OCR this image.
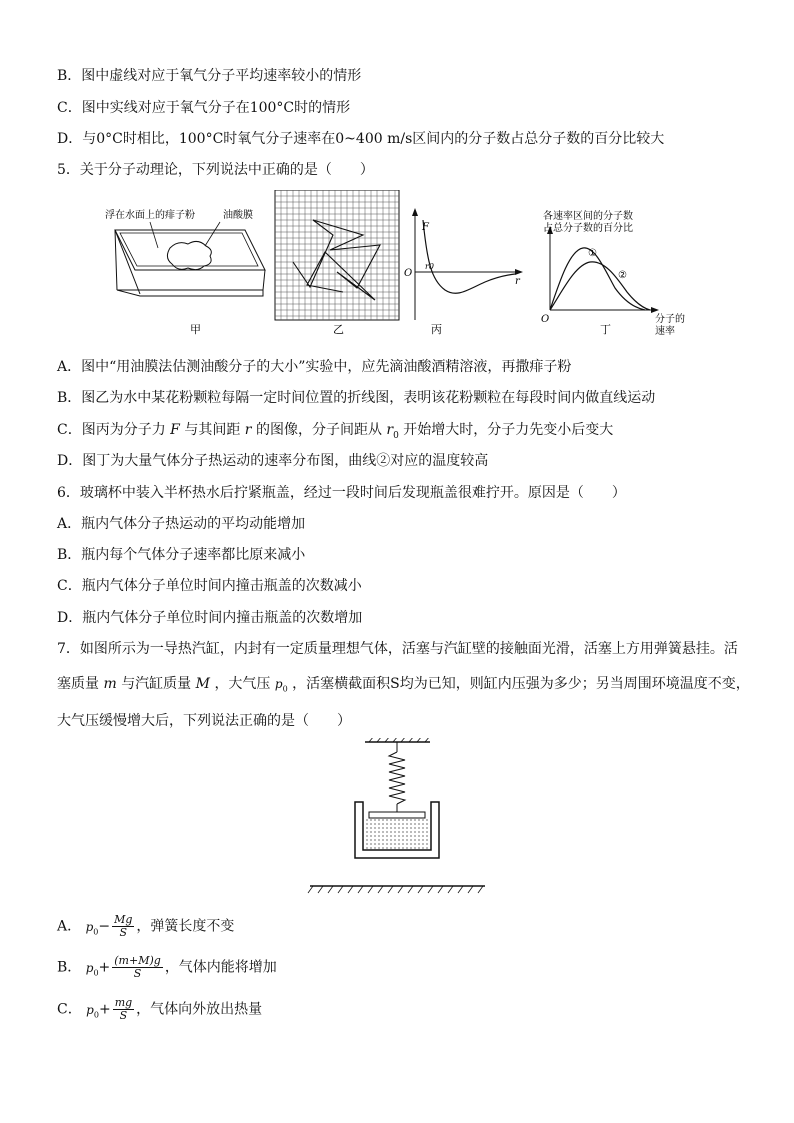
B．图中虚线对应于氧气分子平均速率较小的情形
C．图中实线对应于氧气分子在100°C时的情形
D．与0°C时相比，100°C时氧气分子速率在0~400 m/s区间内的分子数占总分子数的百分比较大
5．关于分子动理论，下列说法中正确的是（　　）
浮在水面上的痱子粉	油酸膜
甲	乙
F
O
r0
r
丙
各速率区间的分子数
占总分子数的百分比
①
②
O	分子的
速率
丁
A．图中“用油膜法估测油酸分子的大小”实验中，应先滴油酸酒精溶液，再撒痱子粉
B．图乙为水中某花粉颗粒每隔一定时间位置的折线图，表明该花粉颗粒在每段时间内做直线运动
C．图丙为分子力 F 与其间距 r 的图像，分子间距从 $r_0$ 开始增大时，分子力先变小后变大
D．图丁为大量气体分子热运动的速率分布图，曲线②对应的温度较高
6．玻璃杯中装入半杯热水后拧紧瓶盖，经过一段时间后发现瓶盖很难拧开。原因是（　　）
A．瓶内气体分子热运动的平均动能增加
B．瓶内每个气体分子速率都比原来减小
C．瓶内气体分子单位时间内撞击瓶盖的次数减小
D．瓶内气体分子单位时间内撞击瓶盖的次数增加
7．如图所示为一导热汽缸，内封有一定质量理想气体，活塞与汽缸壁的接触面光滑，活塞上方用弹簧悬挂。活
塞质量 m 与汽缸质量 M ，大气压 $p_0$ ，活塞横截面积S均为已知，则缸内压强为多少；另当周围环境温度不变，
大气压缓慢增大后，下列说法正确的是（　　）
A． $p_0- \frac{Mg}{S}$ ，弹簧长度不变
B． $p_0+ \frac{(m+M)g}{S}$ ，气体内能将增加
C． $p_0+ \frac{mg}{S}$ ，气体向外放出热量
